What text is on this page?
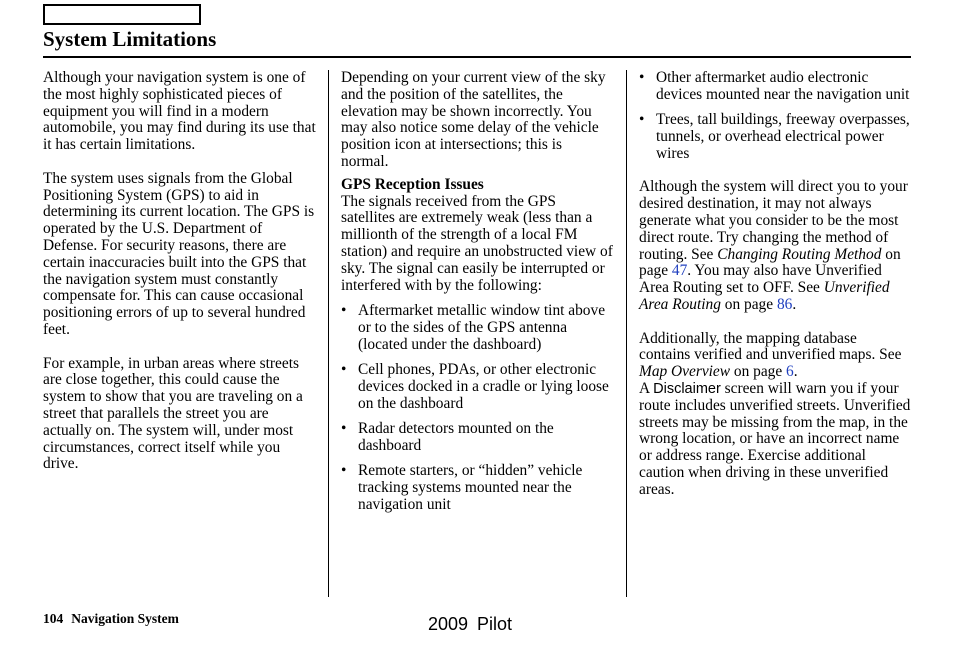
System Limitations

Although your navigation system is one of the most highly sophisticated pieces of equipment you will find in a modern automobile, you may find during its use that it has certain limitations.

The system uses signals from the Global Positioning System (GPS) to aid in determining its current location. The GPS is operated by the U.S. Department of Defense. For security reasons, there are certain inaccuracies built into the GPS that the navigation system must constantly compensate for. This can cause occasional positioning errors of up to several hundred feet.

For example, in urban areas where streets are close together, this could cause the system to show that you are traveling on a street that parallels the street you are actually on. The system will, under most circumstances, correct itself while you drive.

Depending on your current view of the sky and the position of the satellites, the elevation may be shown incorrectly. You may also notice some delay of the vehicle position icon at intersections; this is normal.

GPS Reception Issues

The signals received from the GPS satellites are extremely weak (less than a millionth of the strength of a local FM station) and require an unobstructed view of sky. The signal can easily be interrupted or interfered with by the following:

• Aftermarket metallic window tint above or to the sides of the GPS antenna (located under the dashboard)
• Cell phones, PDAs, or other electronic devices docked in a cradle or lying loose on the dashboard
• Radar detectors mounted on the dashboard
• Remote starters, or “hidden” vehicle tracking systems mounted near the navigation unit
• Other aftermarket audio electronic devices mounted near the navigation unit
• Trees, tall buildings, freeway overpasses, tunnels, or overhead electrical power wires

Although the system will direct you to your desired destination, it may not always generate what you consider to be the most direct route. Try changing the method of routing. See Changing Routing Method on page 47. You may also have Unverified Area Routing set to OFF. See Unverified Area Routing on page 86.

Additionally, the mapping database contains verified and unverified maps. See Map Overview on page 6.

A Disclaimer screen will warn you if your route includes unverified streets. Unverified streets may be missing from the map, in the wrong location, or have an incorrect name or address range. Exercise additional caution when driving in these unverified areas.

104 Navigation System	2009 Pilot
